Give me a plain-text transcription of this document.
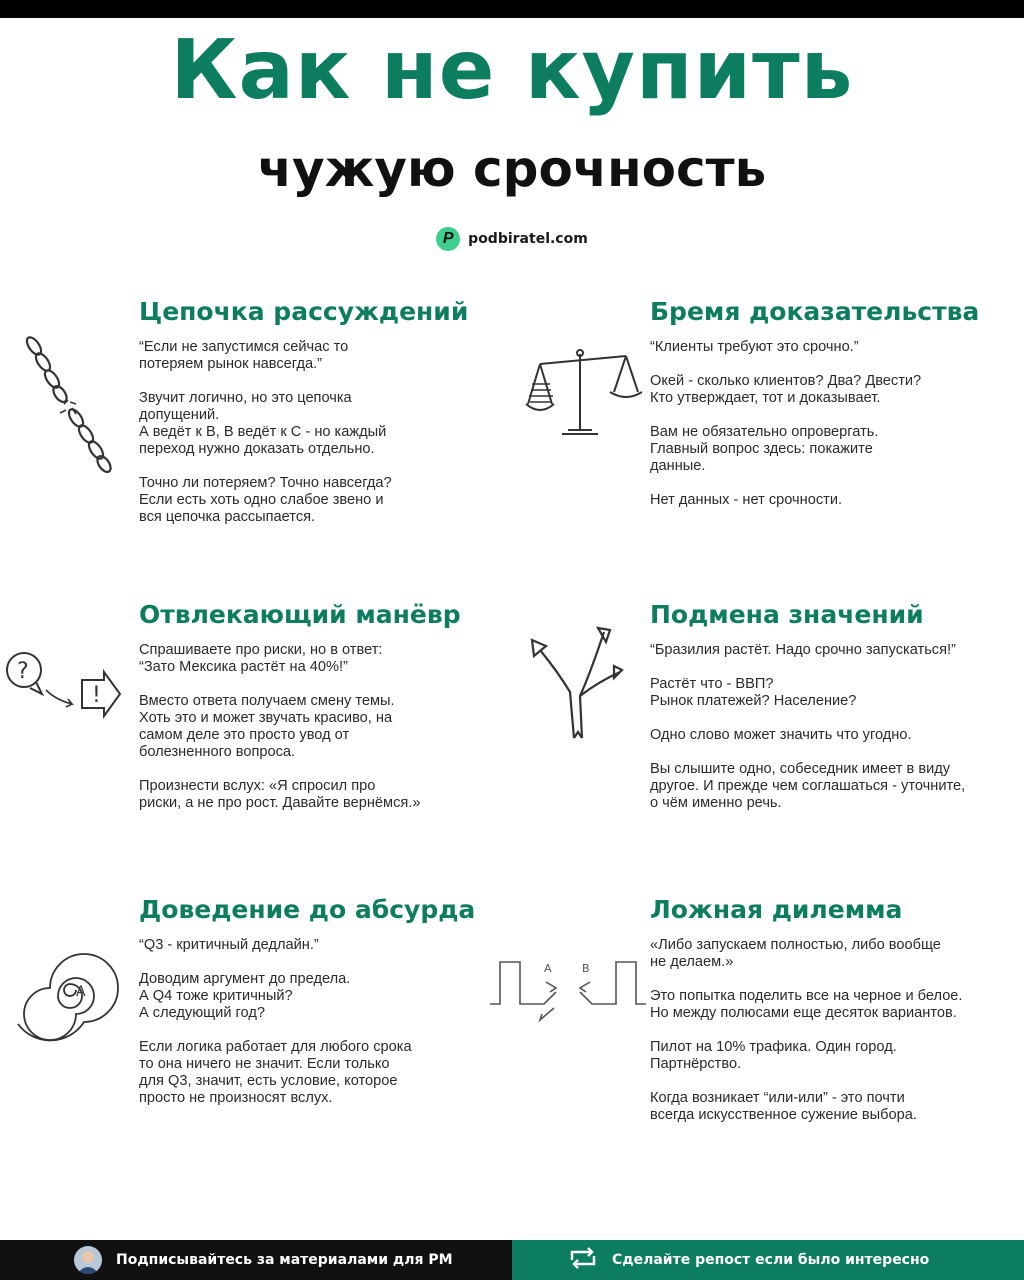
Как не купить
чужую срочность
P	podbiratel.com
Цепочка рассуждений

“Если не запустимся сейчас то
потеряем рынок навсегда.”

Звучит логично, но это цепочка
допущений.
А ведёт к В, В ведёт к С - но каждый
переход нужно доказать отдельно.

Точно ли потеряем? Точно навсегда?
Если есть хоть одно слабое звено и
вся цепочка рассыпается.

Бремя доказательства

“Клиенты требуют это срочно.”

Окей - сколько клиентов? Два? Двести?
Кто утверждает, тот и доказывает.

Вам не обязательно опровергать.
Главный вопрос здесь: покажите
данные.

Нет данных - нет срочности.

?
!
Отвлекающий манёвр

Спрашиваете про риски, но в ответ:
“Зато Мексика растёт на 40%!”

Вместо ответа получаем смену темы.
Хоть это и может звучать красиво, на
самом деле это просто увод от
болезненного вопроса.

Произнести вслух: «Я спросил про
риски, а не про рост. Давайте вернёмся.»

Подмена значений

“Бразилия растёт. Надо срочно запускаться!”

Растёт что - ВВП?
Рынок платежей? Население?

Одно слово может значить что угодно.

Вы слышите одно, собеседник имеет в виду
другое. И прежде чем соглашаться - уточните,
о чём именно речь.

A
Доведение до абсурда

“Q3 - критичный дедлайн.”

Доводим аргумент до предела.
А Q4 тоже критичный?
А следующий год?

Если логика работает для любого срока
то она ничего не значит. Если только
для Q3, значит, есть условие, которое
просто не произносят вслух.

A	B
Ложная дилемма

«Либо запускаем полностью, либо вообще
не делаем.»

Это попытка поделить все на черное и белое.
Но между полюсами еще десяток вариантов.

Пилот на 10% трафика. Один город.
Партнёрство.

Когда возникает “или-или” - это почти
всегда искусственное сужение выбора.

Подписывайтесь за материалами для PM	Сделайте репост если было интересно
